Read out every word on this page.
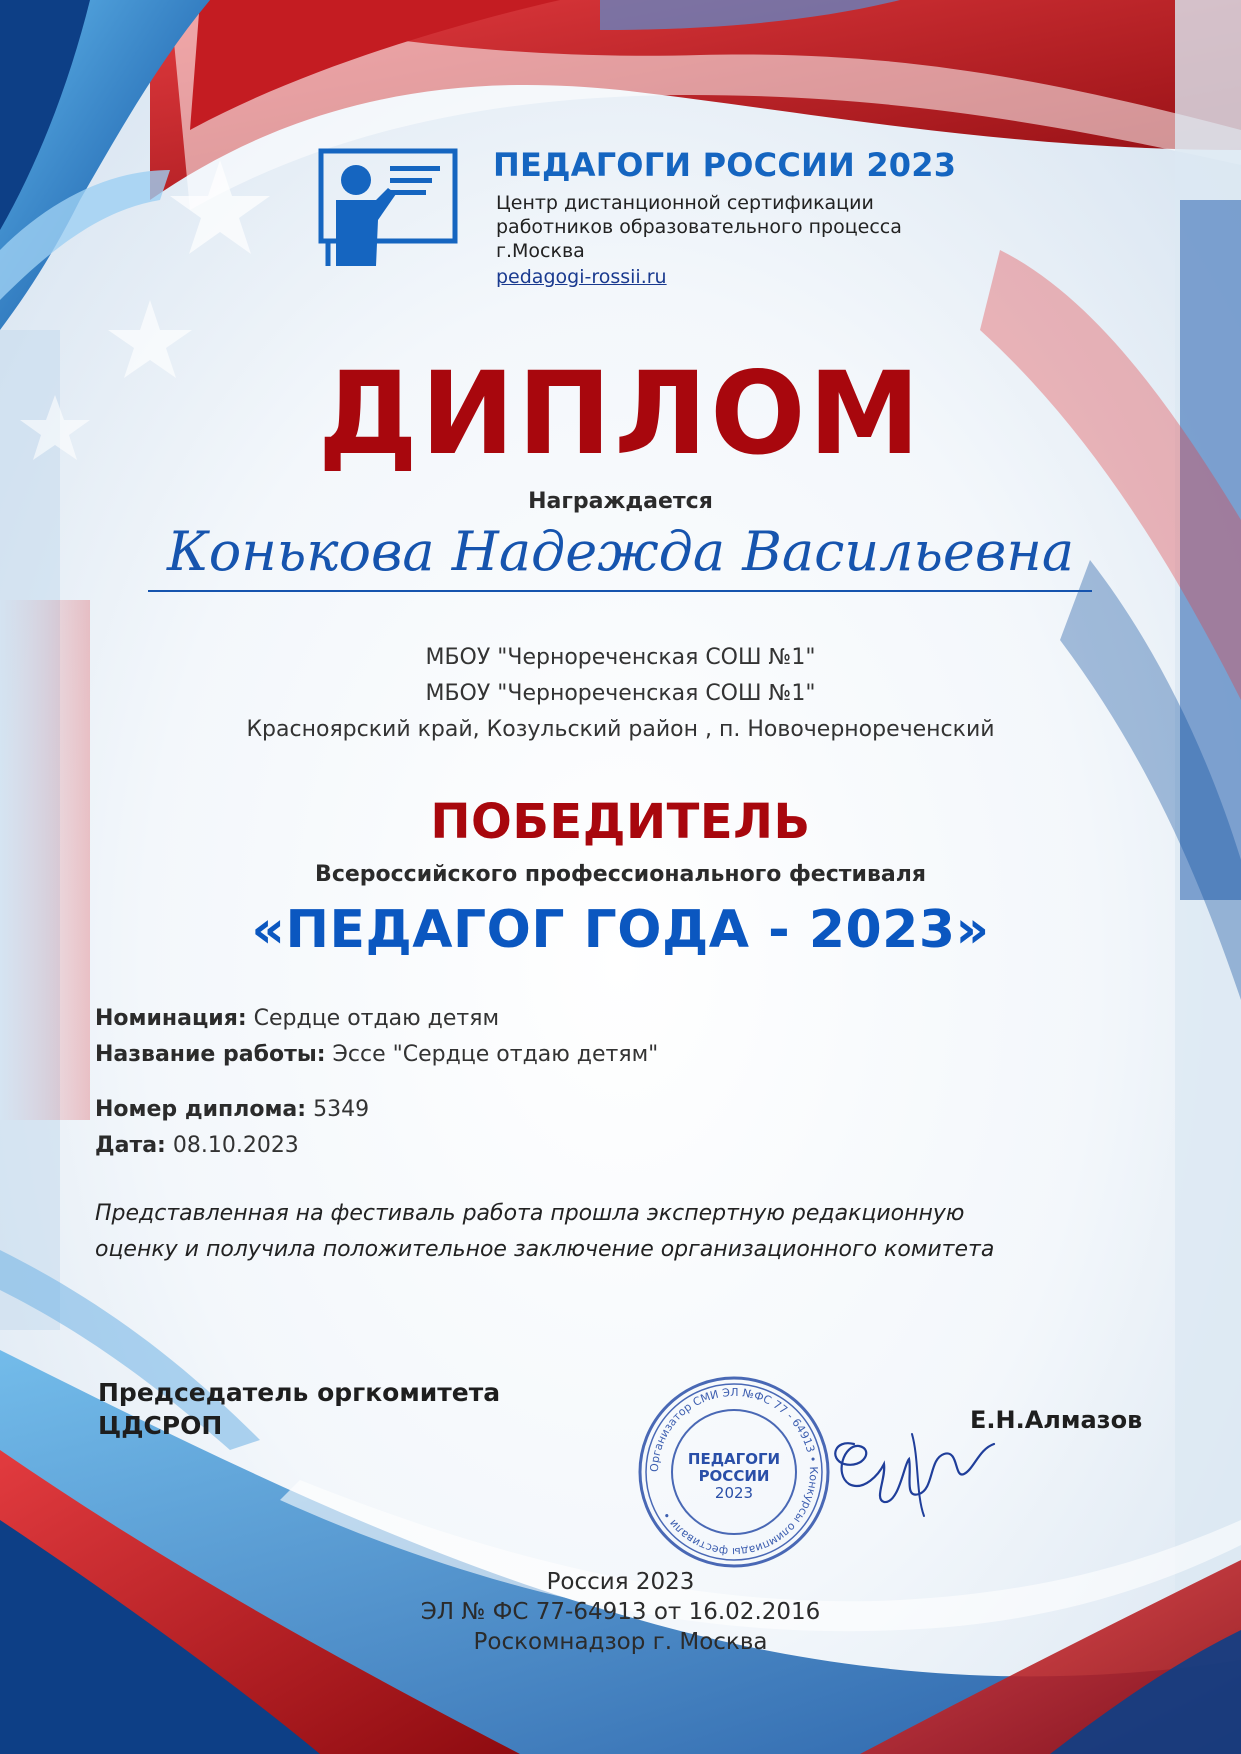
ПЕДАГОГИ РОССИИ 2023
Центр дистанционной сертификации
работников образовательного процесса
г.Москва
pedagogi-rossii.ru
ДИПЛОМ
Награждается
Конькова Надежда Васильевна
МБОУ "Чернореченская СОШ №1"
МБОУ "Чернореченская СОШ №1"
Красноярский край, Козульский район , п. Новочернореченский
ПОБЕДИТЕЛЬ
Всероссийского профессионального фестиваля
«ПЕДАГОГ ГОДА - 2023»
Номинация: Сердце отдаю детям
Название работы: Эссе "Сердце отдаю детям"
Номер диплома: 5349
Дата: 08.10.2023
Представленная на фестиваль работа прошла экспертную редакционную
оценку и получила положительное заключение организационного комитета
Председатель оргкомитета
ЦДСРОП
Организатор СМИ ЭЛ №ФС 77 - 64913 • Конкурсы олимпиады фестивали •
ПЕДАГОГИ
РОССИИ
2023
Е.Н.Алмазов
Россия 2023
ЭЛ № ФС 77-64913 от 16.02.2016
Роскомнадзор г. Москва
